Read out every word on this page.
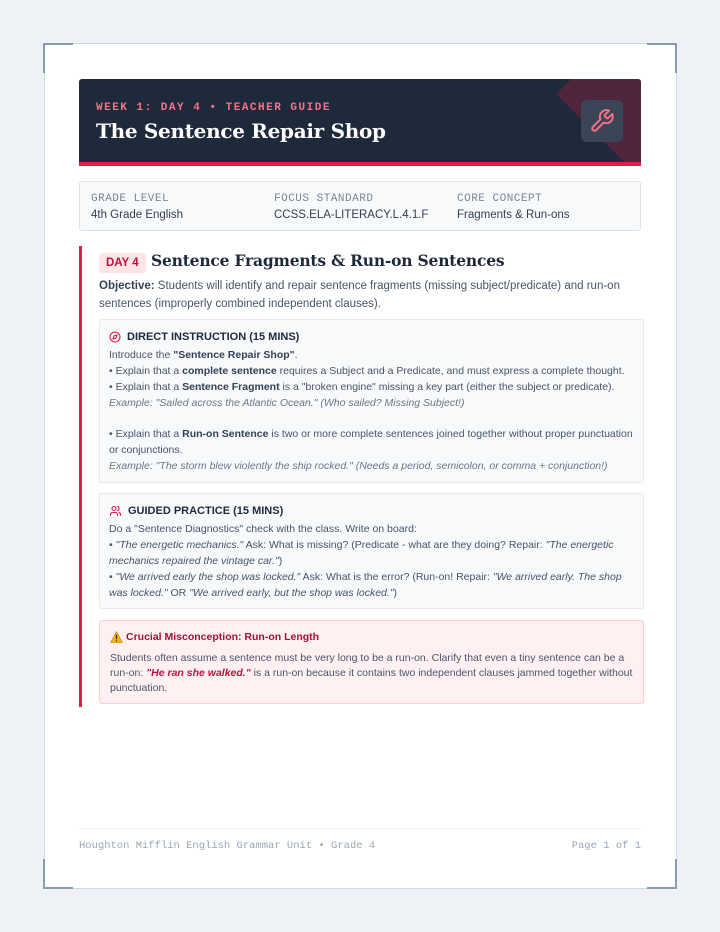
WEEK 1: DAY 4 • TEACHER GUIDE
The Sentence Repair Shop
GRADE LEVEL
4th Grade English
FOCUS STANDARD
CCSS.ELA-LITERACY.L.4.1.F
CORE CONCEPT
Fragments & Run-ons
DAY 4 Sentence Fragments & Run-on Sentences
Objective: Students will identify and repair sentence fragments (missing subject/predicate) and run-on sentences (improperly combined independent clauses).
DIRECT INSTRUCTION (15 MINS)
Introduce the "Sentence Repair Shop".
• Explain that a complete sentence requires a Subject and a Predicate, and must express a complete thought.
• Explain that a Sentence Fragment is a "broken engine" missing a key part (either the subject or predicate).
Example: "Sailed across the Atlantic Ocean." (Who sailed? Missing Subject!)
• Explain that a Run-on Sentence is two or more complete sentences joined together without proper punctuation or conjunctions.
Example: "The storm blew violently the ship rocked." (Needs a period, semicolon, or comma + conjunction!)
GUIDED PRACTICE (15 MINS)
Do a "Sentence Diagnostics" check with the class. Write on board:
• "The energetic mechanics." Ask: What is missing? (Predicate - what are they doing? Repair: "The energetic mechanics repaired the vintage car.")
• "We arrived early the shop was locked." Ask: What is the error? (Run-on! Repair: "We arrived early. The shop was locked." OR "We arrived early, but the shop was locked.")
Crucial Misconception: Run-on Length
Students often assume a sentence must be very long to be a run-on. Clarify that even a tiny sentence can be a run-on: "He ran she walked." is a run-on because it contains two independent clauses jammed together without punctuation.
Houghton Mifflin English Grammar Unit • Grade 4	Page 1 of 1
